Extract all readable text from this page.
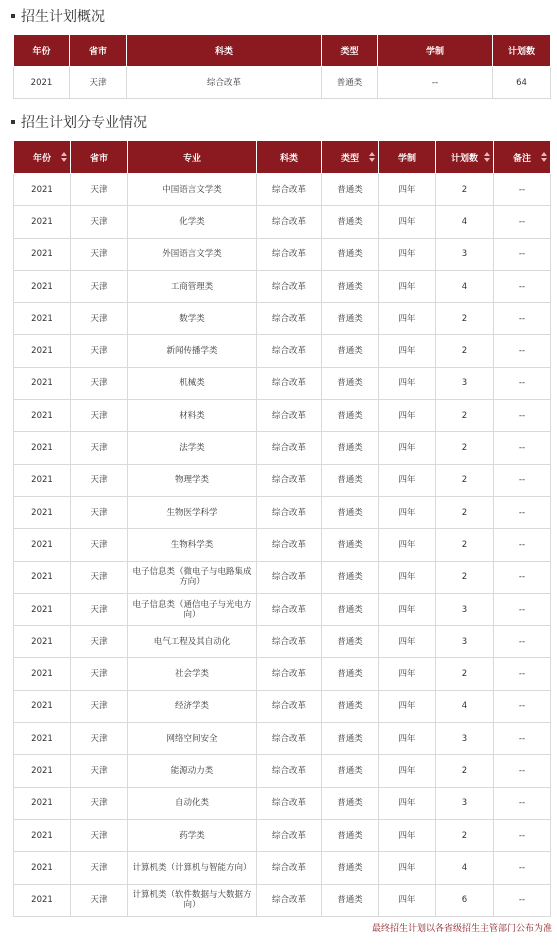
招生计划概况
年份	省市	科类	类型	学制	计划数
2021	天津	综合改革	普通类	--	64
招生计划分专业情况
年份	省市	专业	科类	类型	学制	计划数	备注

2021	天津	中国语言文学类	综合改革	普通类	四年	2	--
2021	天津	化学类	综合改革	普通类	四年	4	--
2021	天津	外国语言文学类	综合改革	普通类	四年	3	--
2021	天津	工商管理类	综合改革	普通类	四年	4	--
2021	天津	数学类	综合改革	普通类	四年	2	--
2021	天津	新闻传播学类	综合改革	普通类	四年	2	--
2021	天津	机械类	综合改革	普通类	四年	3	--
2021	天津	材料类	综合改革	普通类	四年	2	--
2021	天津	法学类	综合改革	普通类	四年	2	--
2021	天津	物理学类	综合改革	普通类	四年	2	--
2021	天津	生物医学科学	综合改革	普通类	四年	2	--
2021	天津	生物科学类	综合改革	普通类	四年	2	--
2021	天津	电子信息类（微电子与电路集成方向）	综合改革	普通类	四年	2	--
2021	天津	电子信息类（通信电子与光电方向）	综合改革	普通类	四年	3	--
2021	天津	电气工程及其自动化	综合改革	普通类	四年	3	--
2021	天津	社会学类	综合改革	普通类	四年	2	--
2021	天津	经济学类	综合改革	普通类	四年	4	--
2021	天津	网络空间安全	综合改革	普通类	四年	3	--
2021	天津	能源动力类	综合改革	普通类	四年	2	--
2021	天津	自动化类	综合改革	普通类	四年	3	--
2021	天津	药学类	综合改革	普通类	四年	2	--
2021	天津	计算机类（计算机与智能方向）	综合改革	普通类	四年	4	--
2021	天津	计算机类（软件数据与大数据方向）	综合改革	普通类	四年	6	--
最终招生计划以各省级招生主管部门公布为准
